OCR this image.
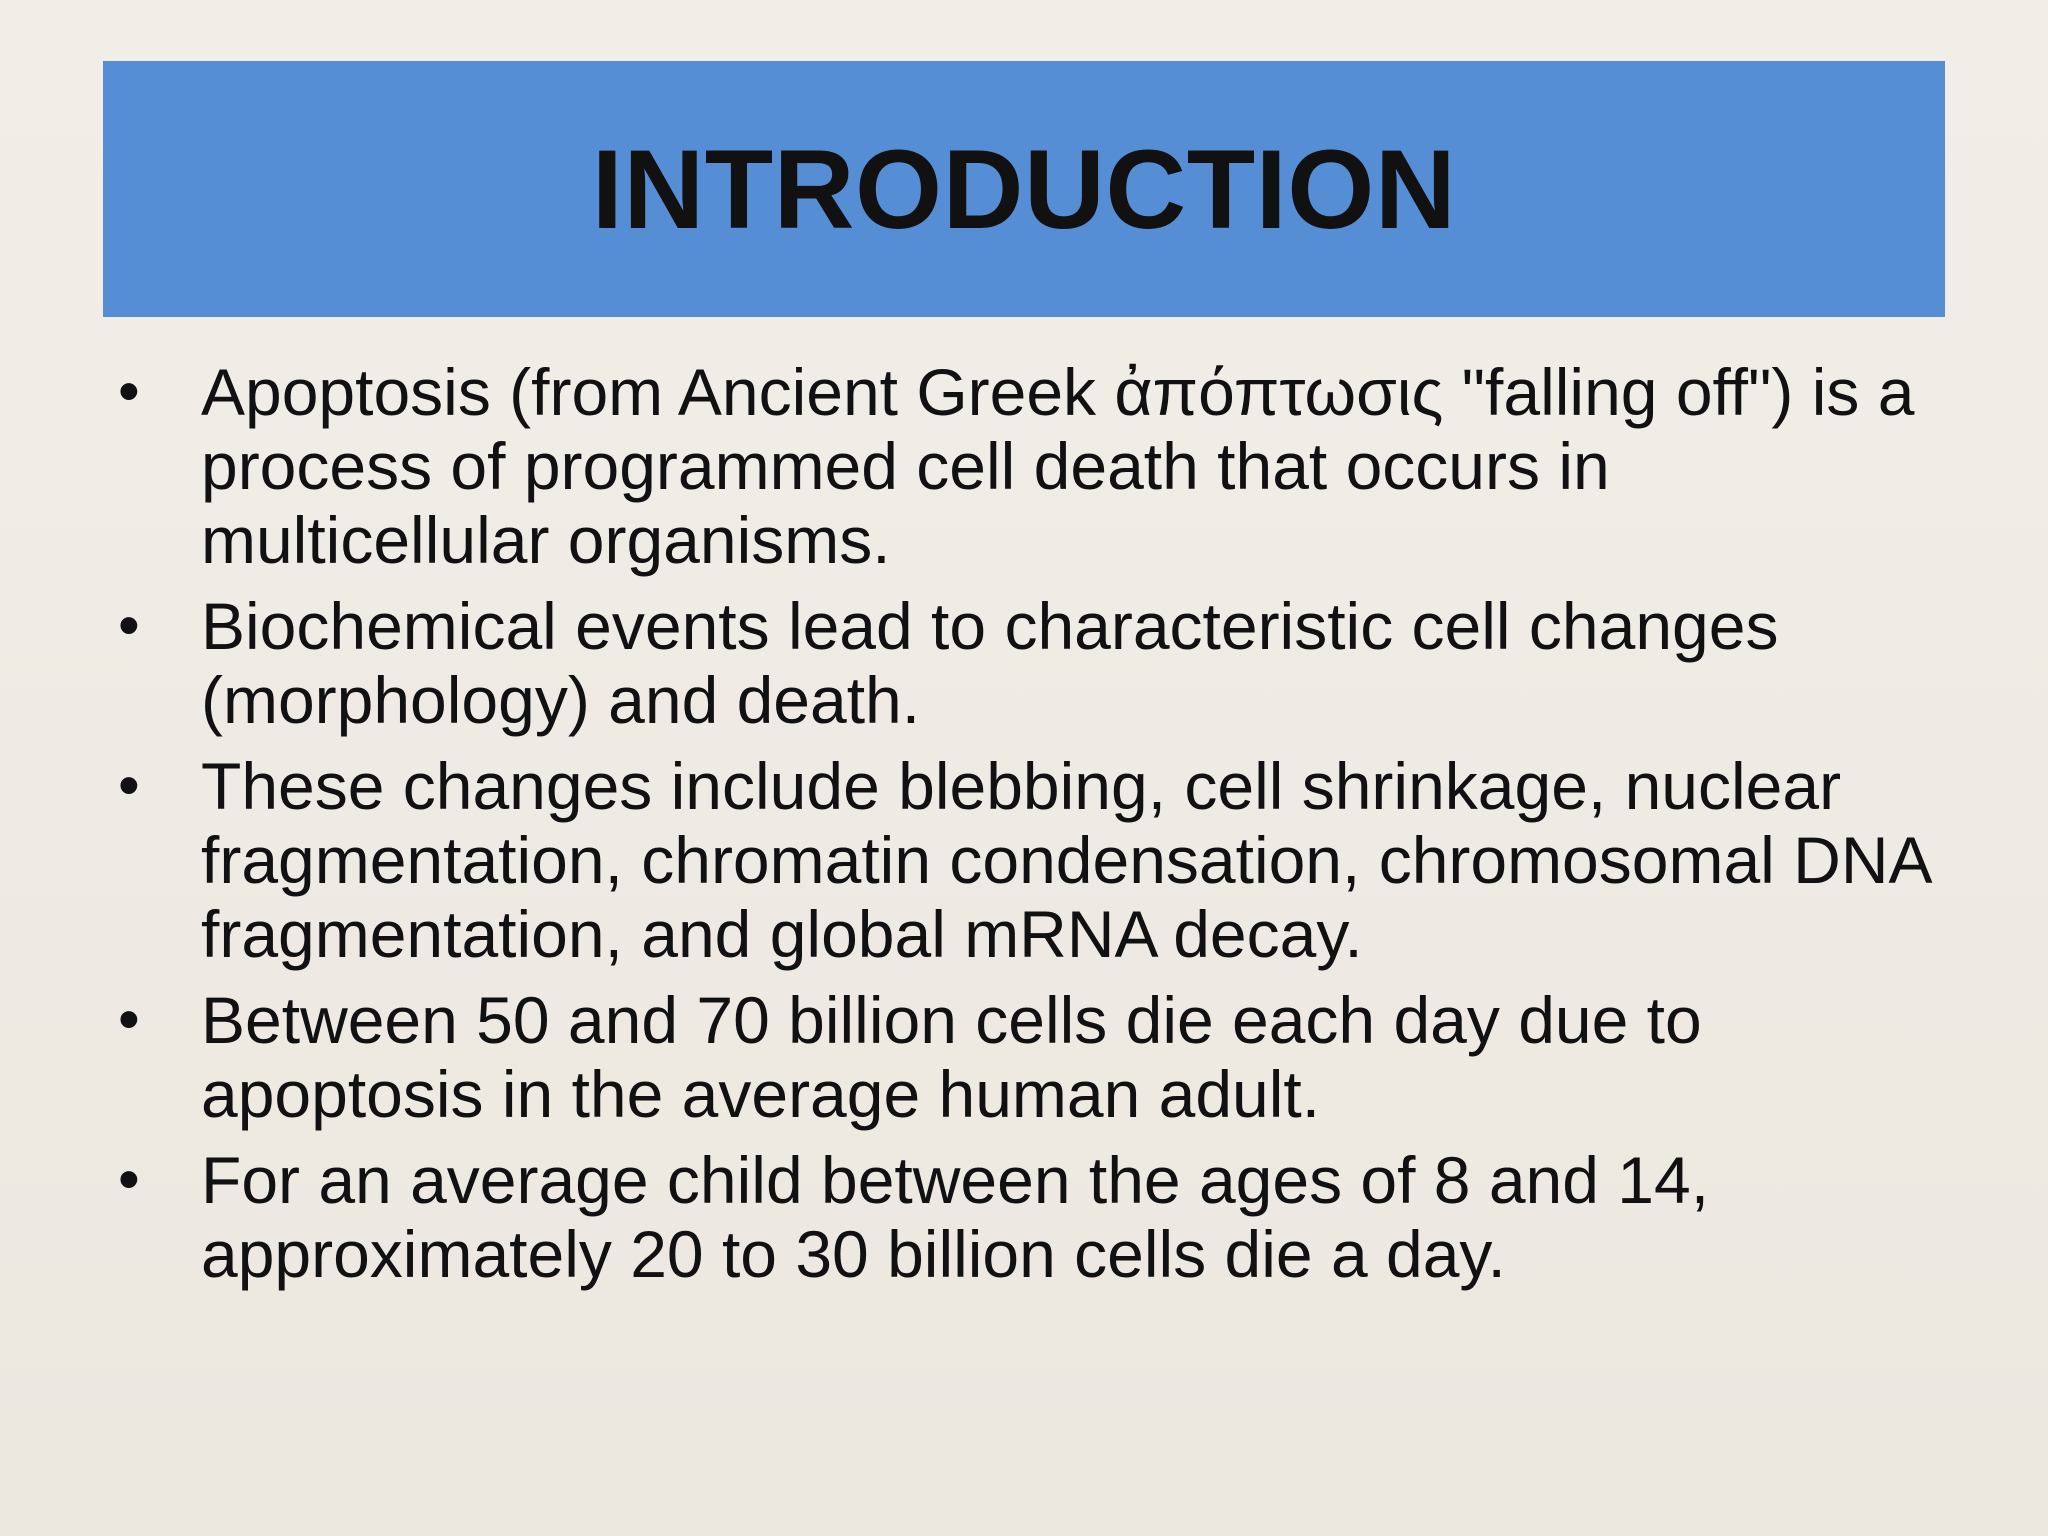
INTRODUCTION
• Apoptosis (from Ancient Greek ἀπόπτωσις "falling off") is a process of programmed cell death that occurs in multicellular organisms.
• Biochemical events lead to characteristic cell changes (morphology) and death.
• These changes include blebbing, cell shrinkage, nuclear fragmentation, chromatin condensation, chromosomal DNA fragmentation, and global mRNA decay.
• Between 50 and 70 billion cells die each day due to apoptosis in the average human adult.
• For an average child between the ages of 8 and 14, approximately 20 to 30 billion cells die a day.
